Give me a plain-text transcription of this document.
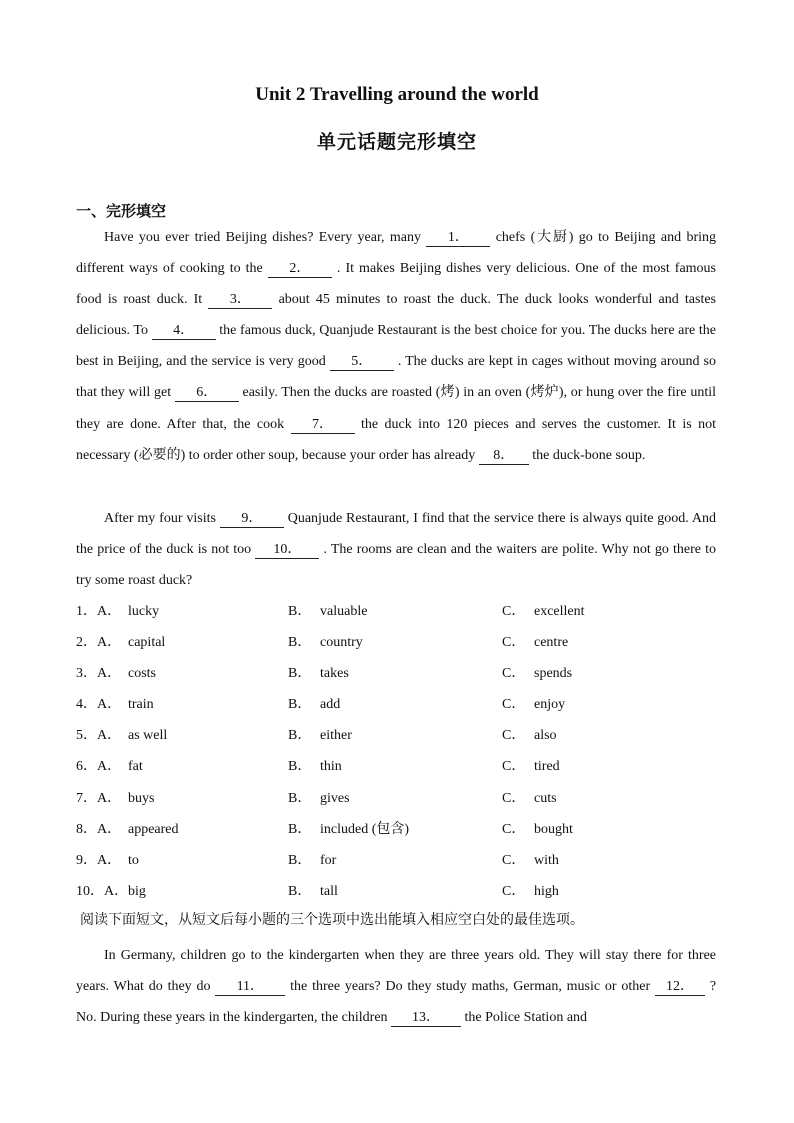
Unit 2 Travelling around the world
单元话题完形填空
一、完形填空
Have you ever tried Beijing dishes? Every year, many 1． chefs (大厨) go to Beijing and bring different ways of cooking to the 2． . It makes Beijing dishes very delicious. One of the most famous food is roast duck. It 3． about 45 minutes to roast the duck. The duck looks wonderful and tastes delicious. To 4． the famous duck, Quanjude Restaurant is the best choice for you. The ducks here are the best in Beijing, and the service is very good 5． . The ducks are kept in cages without moving around so that they will get 6． easily. Then the ducks are roasted (烤) in an oven (烤炉), or hung over the fire until they are done. After that, the cook 7． the duck into 120 pieces and serves the customer. It is not necessary (必要的) to order other soup, because your order has already 8． the duck-bone soup.
After my four visits 9． Quanjude Restaurant, I find that the service there is always quite good. And the price of the duck is not too 10． . The rooms are clean and the waiters are polite. Why not go there to try some roast duck?
1．A． lucky	B． valuable	C． excellent
2．A． capital	B． country	C． centre
3．A． costs	B． takes	C． spends
4．A． train	B． add	C． enjoy
5．A． as well	B． either	C． also
6．A． fat	B． thin	C． tired
7．A． buys	B． gives	C． cuts
8．A． appeared	B． included (包含)	C． bought
9．A． to	B． for	C． with
10．A． big	B． tall	C． high
阅读下面短文，从短文后每小题的三个选项中选出能填入相应空白处的最佳选项。
In Germany, children go to the kindergarten when they are three years old. They will stay there for three years. What do they do 11． the three years? Do they study maths, German, music or other 12． ? No. During these years in the kindergarten, the children 13． the Police Station and
